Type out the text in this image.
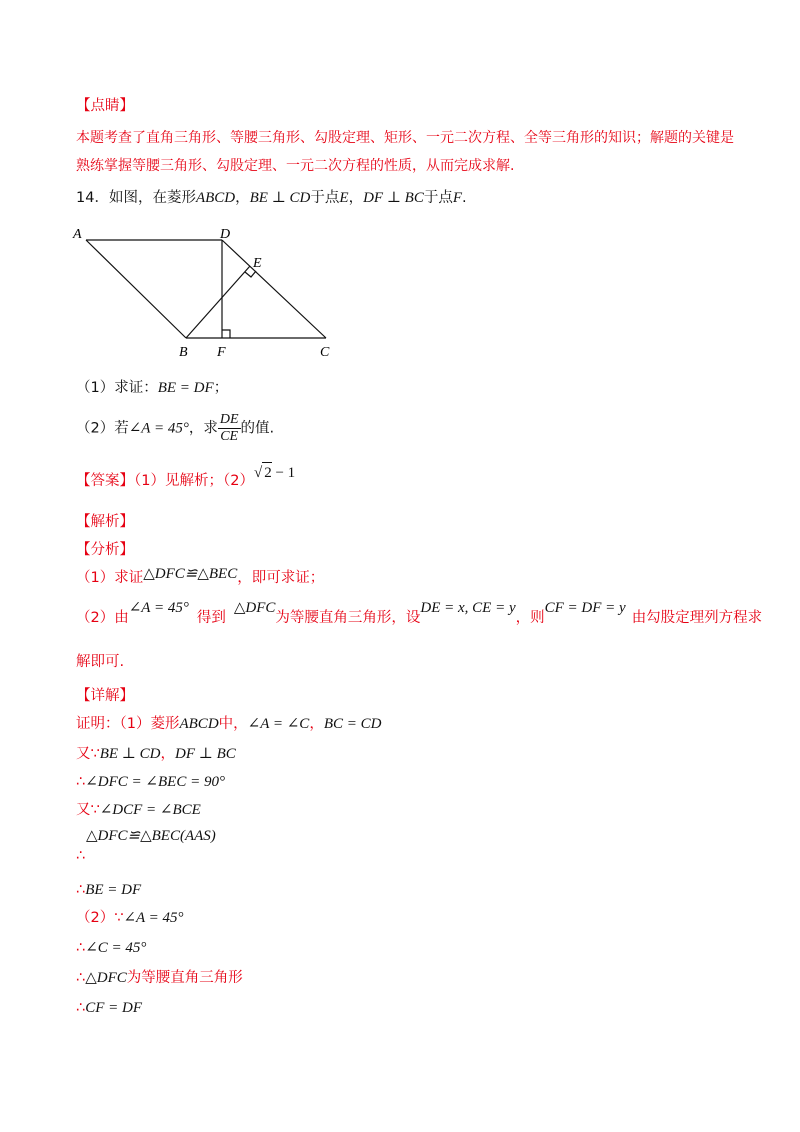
【点睛】
本题考查了直角三角形、等腰三角形、勾股定理、矩形、一元二次方程、全等三角形的知识；解题的关键是熟练掌握等腰三角形、勾股定理、一元二次方程的性质，从而完成求解.
14．如图，在菱形ABCD，BE ⊥ CD于点E，DF ⊥ BC于点F.
A	D
E
B F	C
（1）求证：BE = DF；
（2）若∠A = 45°，求 $\frac{DE}{CE}$ 的值.
【答案】（1）见解析；（2）√ 2 − 1
【解析】
【分析】
（1）求证△DFC≌△BEC，即可求证；
（2）由∠A = 45°得到△DFC为等腰直角三角形，设DE = x, CE = y，则CF = DF = y由勾股定理列方程求
解即可.
【详解】
证明：（1）菱形ABCD中，∠A = ∠C，BC = CD
又∵BE ⊥ CD，DF ⊥ BC
∴∠DFC = ∠BEC = 90°
又∵∠DCF = ∠BCE
△DFC≌△BEC(AAS)
∴
∴BE = DF
（2）∵∠A = 45°
∴∠C = 45°
∴△DFC为等腰直角三角形
∴CF = DF
